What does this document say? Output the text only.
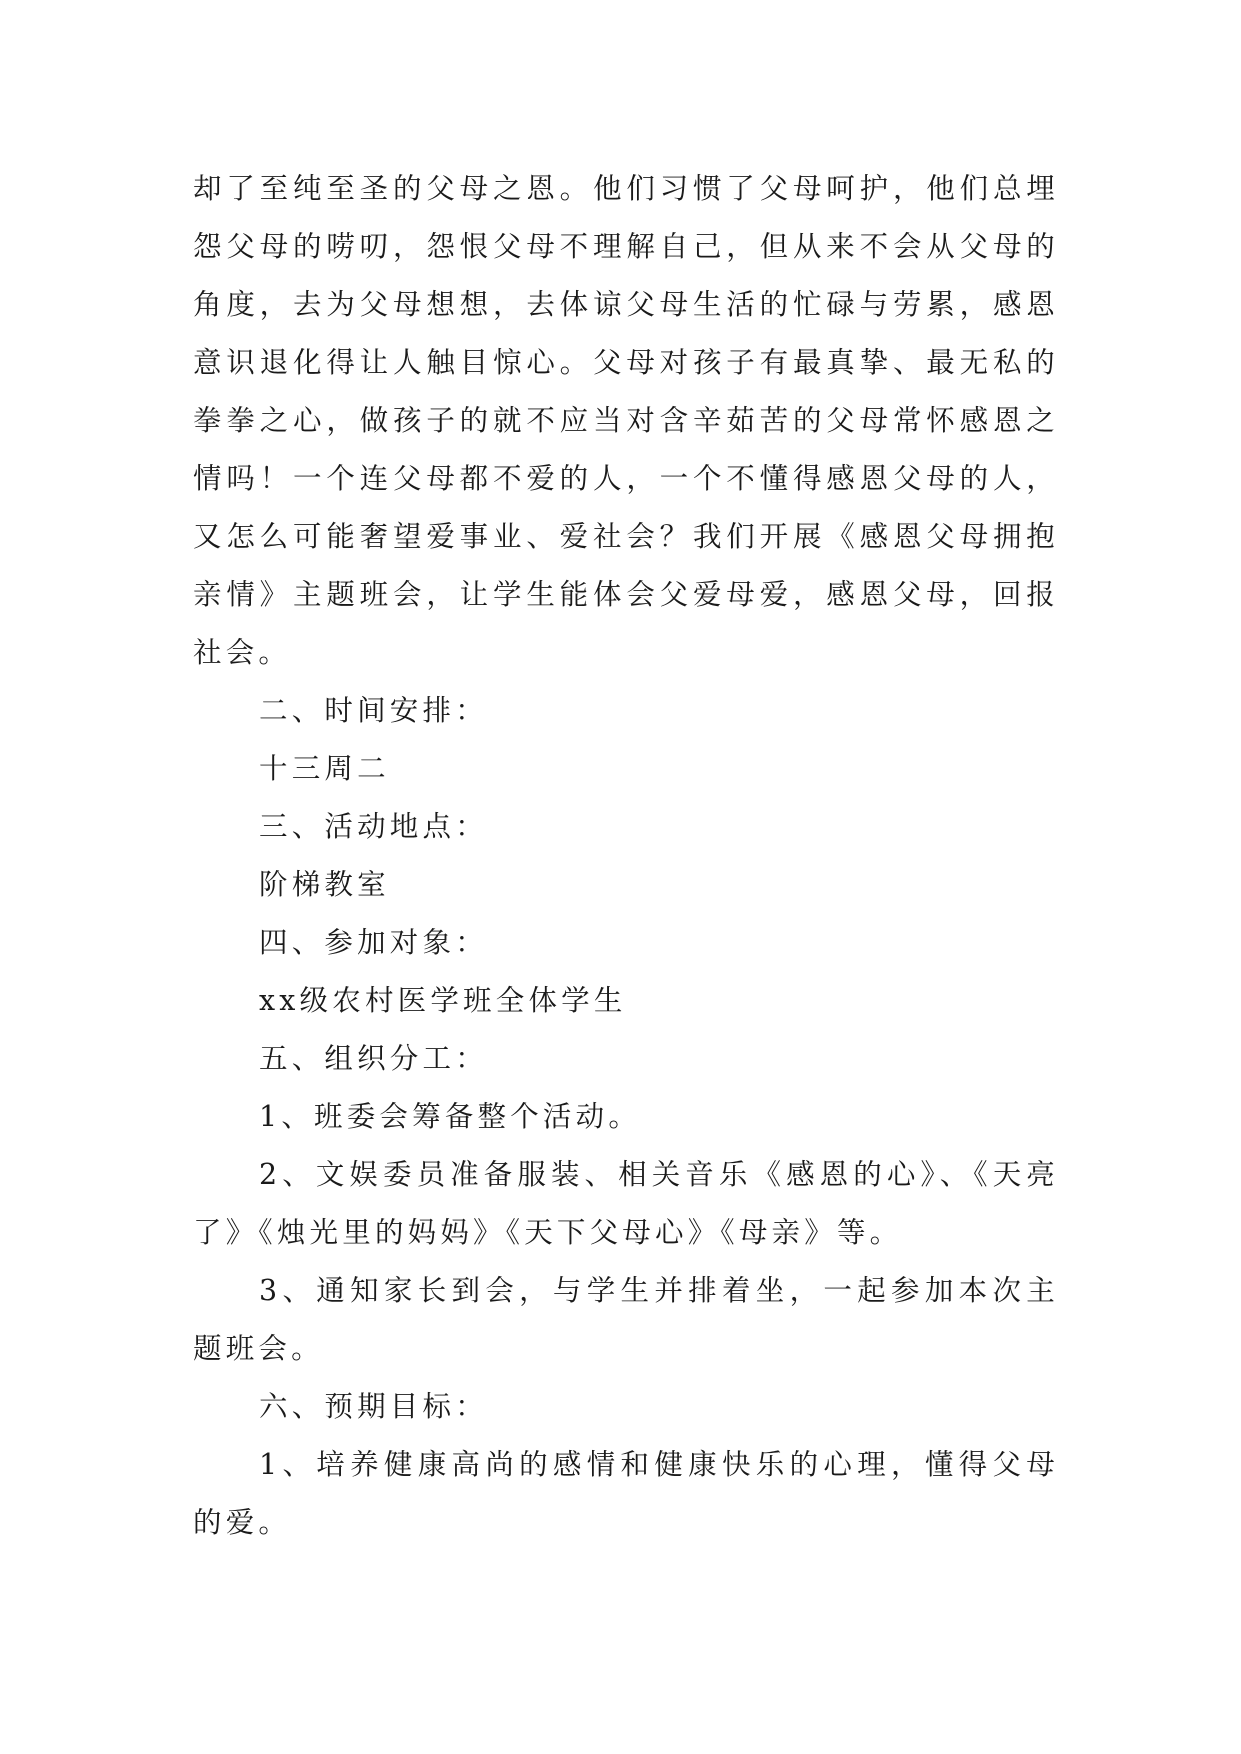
却了至纯至圣的父母之恩。他们习惯了父母呵护，他们总埋怨父母的唠叨，怨恨父母不理解自己，但从来不会从父母的角度，去为父母想想，去体谅父母生活的忙碌与劳累，感恩意识退化得让人触目惊心。父母对孩子有最真挚、最无私的拳拳之心，做孩子的就不应当对含辛茹苦的父母常怀感恩之情吗！一个连父母都不爱的人，一个不懂得感恩父母的人，又怎么可能奢望爱事业、爱社会？我们开展《感恩父母拥抱亲情》主题班会，让学生能体会父爱母爱，感恩父母，回报社会。

二、时间安排：

十三周二

三、活动地点：

阶梯教室

四、参加对象：

xx级农村医学班全体学生

五、组织分工：

1、班委会筹备整个活动。

2、文娱委员准备服装、相关音乐《感恩的心》、《天亮了》《烛光里的妈妈》《天下父母心》《母亲》等。

3、通知家长到会，与学生并排着坐，一起参加本次主题班会。

六、预期目标：

1、培养健康高尚的感情和健康快乐的心理，懂得父母的爱。
